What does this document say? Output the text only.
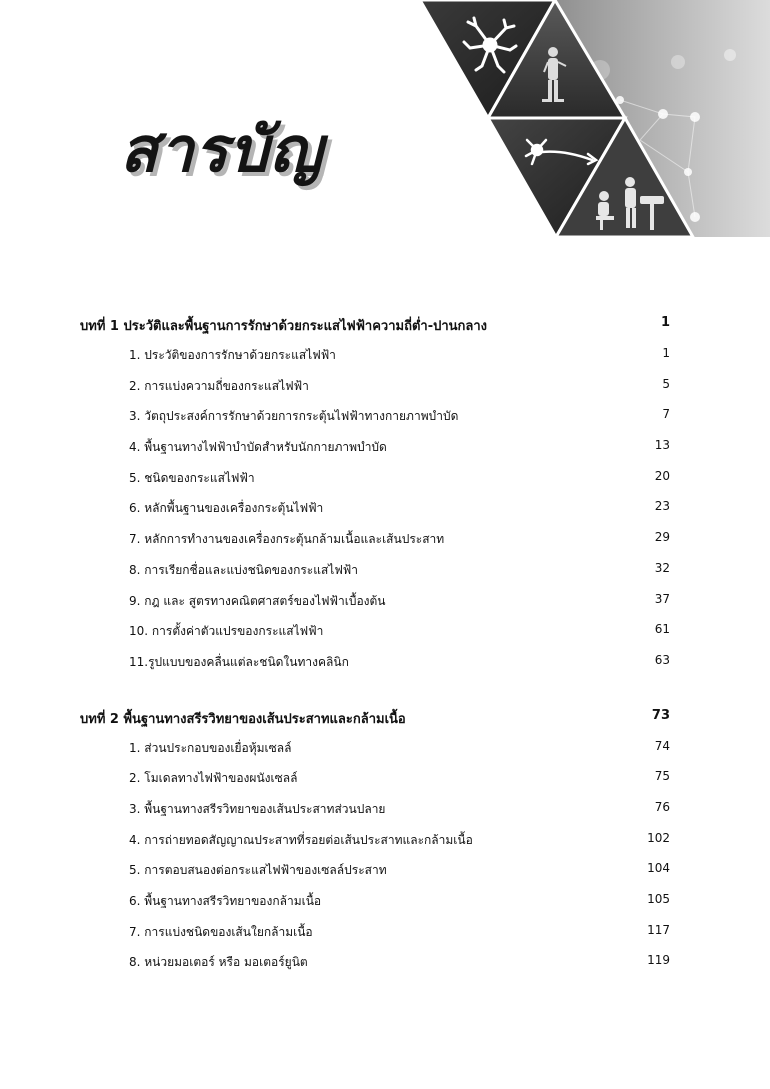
สารบัญ
บทที่ 1 ประวัติและพื้นฐานการรักษาด้วยกระแสไฟฟ้าความถี่ต่ำ-ปานกลาง	1
1. ประวัติของการรักษาด้วยกระแสไฟฟ้า	1
2. การแบ่งความถี่ของกระแสไฟฟ้า	5
3. วัตถุประสงค์การรักษาด้วยการกระตุ้นไฟฟ้าทางกายภาพบำบัด	7
4. พื้นฐานทางไฟฟ้าบำบัดสำหรับนักกายภาพบำบัด	13
5. ชนิดของกระแสไฟฟ้า	20
6. หลักพื้นฐานของเครื่องกระตุ้นไฟฟ้า	23
7. หลักการทำงานของเครื่องกระตุ้นกล้ามเนื้อและเส้นประสาท	29
8. การเรียกชื่อและแบ่งชนิดของกระแสไฟฟ้า	32
9. กฎ และ สูตรทางคณิตศาสตร์ของไฟฟ้าเบื้องต้น	37
10. การตั้งค่าตัวแปรของกระแสไฟฟ้า	61
11.รูปแบบของคลื่นแต่ละชนิดในทางคลินิก	63
บทที่ 2 พื้นฐานทางสรีรวิทยาของเส้นประสาทและกล้ามเนื้อ	73
1. ส่วนประกอบของเยื่อหุ้มเซลล์	74
2. โมเดลทางไฟฟ้าของผนังเซลล์	75
3. พื้นฐานทางสรีรวิทยาของเส้นประสาทส่วนปลาย	76
4. การถ่ายทอดสัญญาณประสาทที่รอยต่อเส้นประสาทและกล้ามเนื้อ	102
5. การตอบสนองต่อกระแสไฟฟ้าของเซลล์ประสาท	104
6. พื้นฐานทางสรีรวิทยาของกล้ามเนื้อ	105
7. การแบ่งชนิดของเส้นใยกล้ามเนื้อ	117
8. หน่วยมอเตอร์ หรือ มอเตอร์ยูนิต	119
